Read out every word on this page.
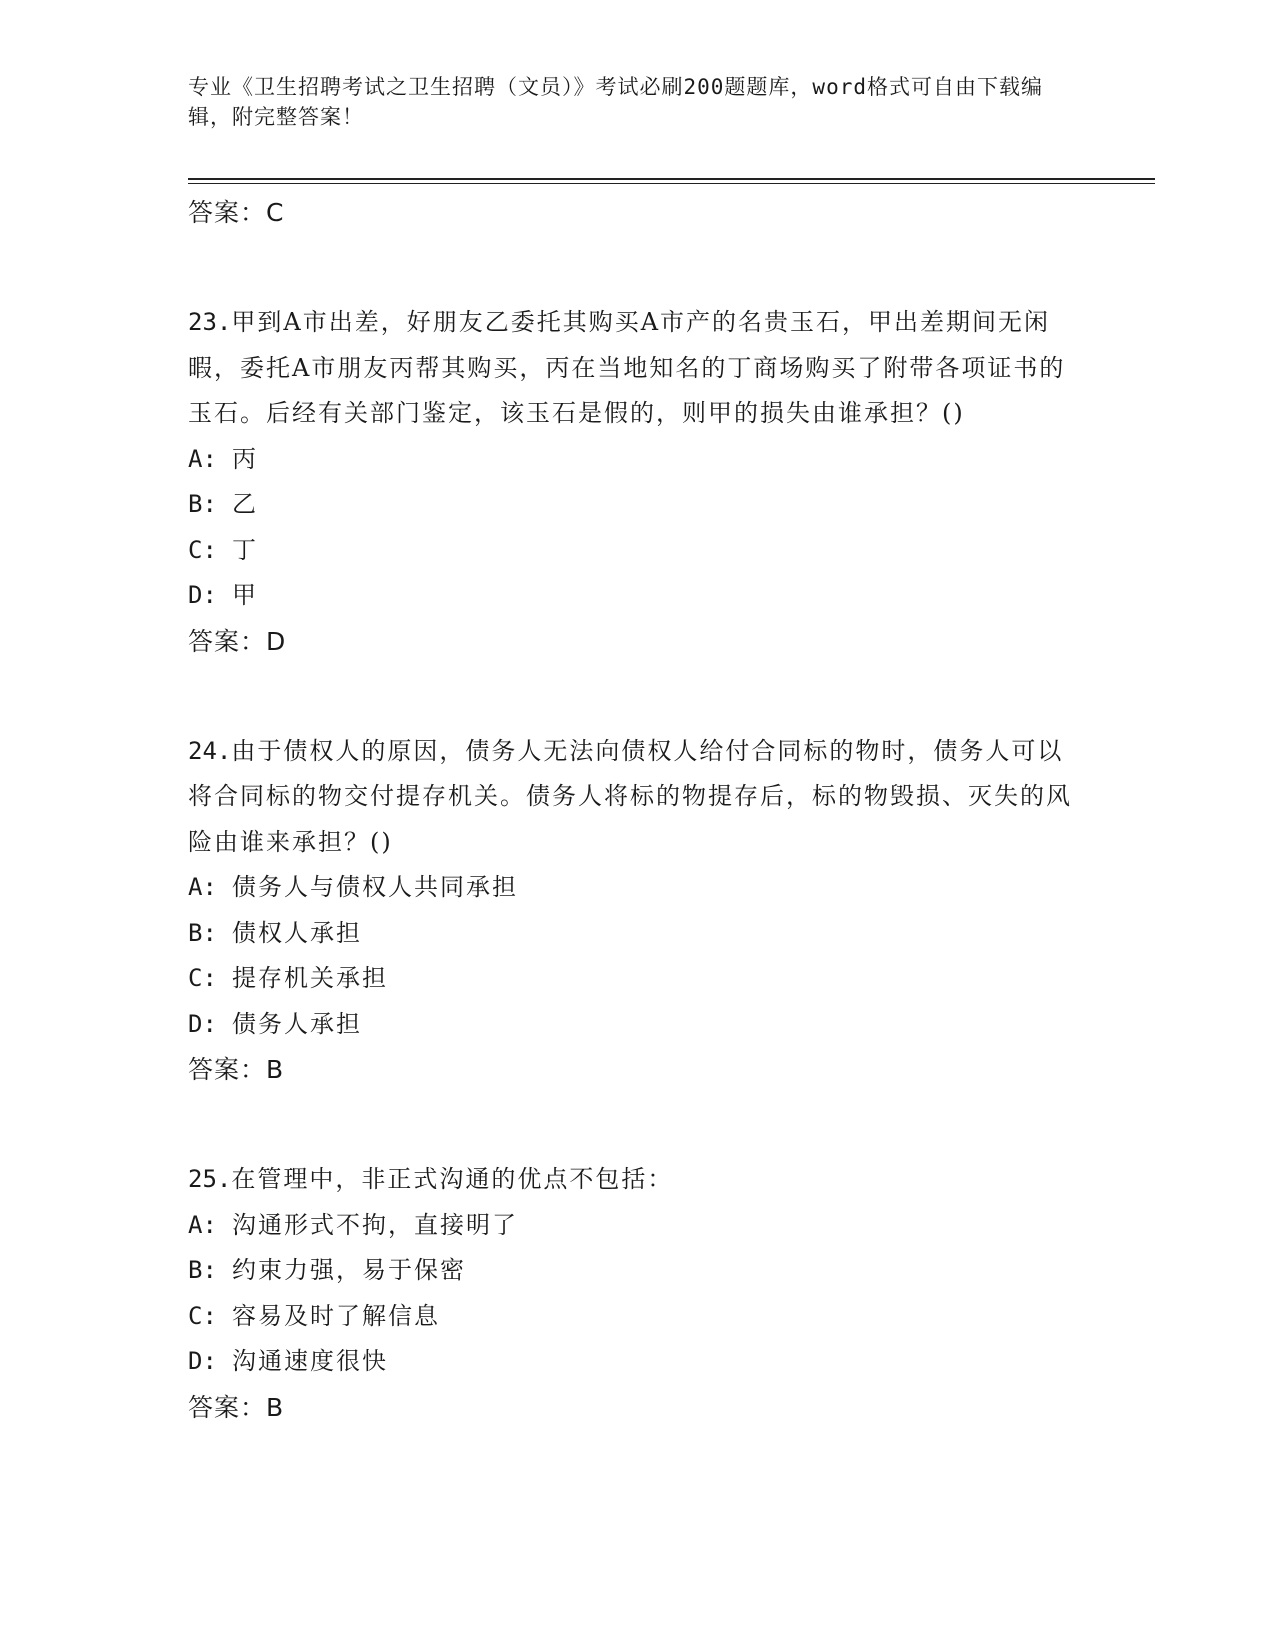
专业《卫生招聘考试之卫生招聘（文员）》考试必刷200题题库，word格式可自由下载编辑，附完整答案！
答案：C
23.甲到A市出差，好朋友乙委托其购买A市产的名贵玉石，甲出差期间无闲暇，委托A市朋友丙帮其购买，丙在当地知名的丁商场购买了附带各项证书的玉石。后经有关部门鉴定，该玉石是假的，则甲的损失由谁承担？()
A: 丙
B: 乙
C: 丁
D: 甲
答案：D
24.由于债权人的原因，债务人无法向债权人给付合同标的物时，债务人可以将合同标的物交付提存机关。债务人将标的物提存后，标的物毁损、灭失的风险由谁来承担？()
A: 债务人与债权人共同承担
B: 债权人承担
C: 提存机关承担
D: 债务人承担
答案：B
25.在管理中，非正式沟通的优点不包括：
A: 沟通形式不拘，直接明了
B: 约束力强，易于保密
C: 容易及时了解信息
D: 沟通速度很快
答案：B
